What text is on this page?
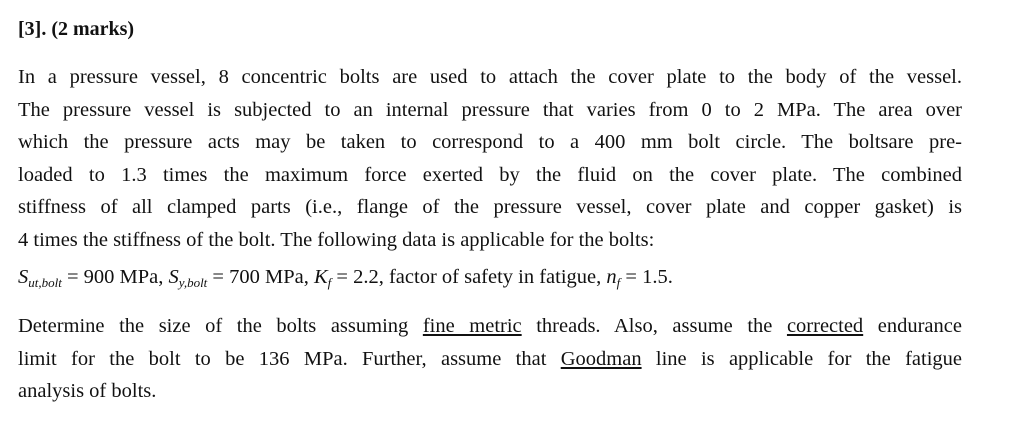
[3]. (2 marks)
In a pressure vessel, 8 concentric bolts are used to attach the cover plate to the body of the vessel.
The pressure vessel is subjected to an internal pressure that varies from 0 to 2 MPa. The area over
which the pressure acts may be taken to correspond to a 400 mm bolt circle. The boltsare pre-
loaded to 1.3 times the maximum force exerted by the fluid on the cover plate. The combined
stiffness of all clamped parts (i.e., flange of the pressure vessel, cover plate and copper gasket) is
4 times the stiffness of the bolt. The following data is applicable for the bolts:
$S_{ut,bolt} = 900$ MPa, $S_{y,bolt} = 700$ MPa, $K_f = 2.2$, factor of safety in fatigue, $n_f = 1.5$.
Determine the size of the bolts assuming fine metric threads. Also, assume the corrected endurance
limit for the bolt to be 136 MPa. Further, assume that Goodman line is applicable for the fatigue
analysis of bolts.
